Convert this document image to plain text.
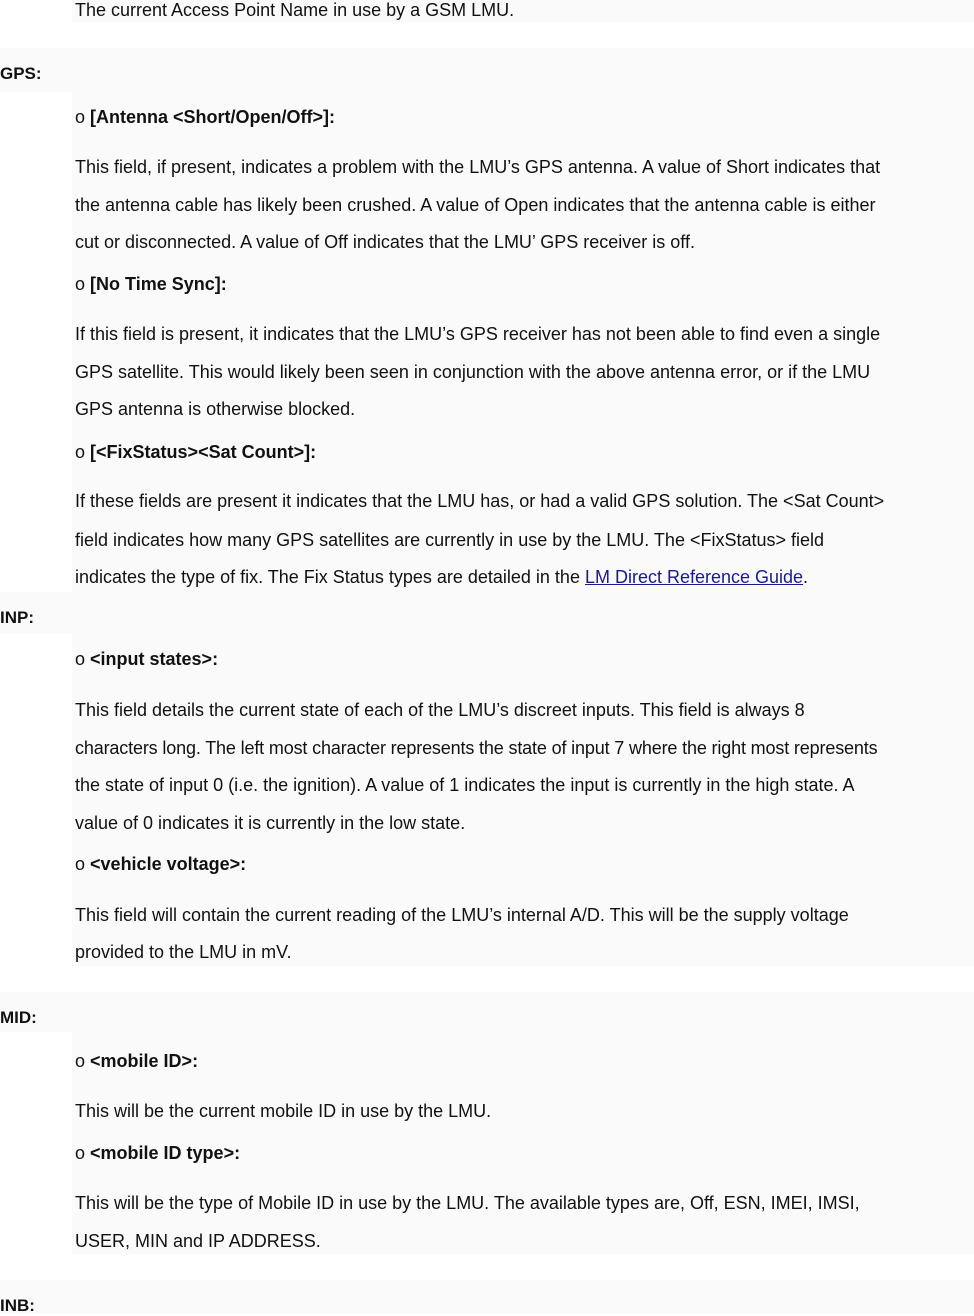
The current Access Point Name in use by a GSM LMU.
GPS:
o [Antenna <Short/Open/Off>]:
This field, if present, indicates a problem with the LMU’s GPS antenna. A value of Short indicates that
the antenna cable has likely been crushed. A value of Open indicates that the antenna cable is either
cut or disconnected. A value of Off indicates that the LMU’ GPS receiver is off.
o [No Time Sync]:
If this field is present, it indicates that the LMU’s GPS receiver has not been able to find even a single
GPS satellite. This would likely been seen in conjunction with the above antenna error, or if the LMU
GPS antenna is otherwise blocked.
o [<FixStatus><Sat Count>]:
If these fields are present it indicates that the LMU has, or had a valid GPS solution. The <Sat Count>
field indicates how many GPS satellites are currently in use by the LMU. The <FixStatus> field
indicates the type of fix. The Fix Status types are detailed in the LM Direct Reference Guide.
INP:
o <input states>:
This field details the current state of each of the LMU’s discreet inputs. This field is always 8
characters long. The left most character represents the state of input 7 where the right most represents
the state of input 0 (i.e. the ignition). A value of 1 indicates the input is currently in the high state. A
value of 0 indicates it is currently in the low state.
o <vehicle voltage>:
This field will contain the current reading of the LMU’s internal A/D. This will be the supply voltage
provided to the LMU in mV.
MID:
o <mobile ID>:
This will be the current mobile ID in use by the LMU.
o <mobile ID type>:
This will be the type of Mobile ID in use by the LMU. The available types are, Off, ESN, IMEI, IMSI,
USER, MIN and IP ADDRESS.
INB:
